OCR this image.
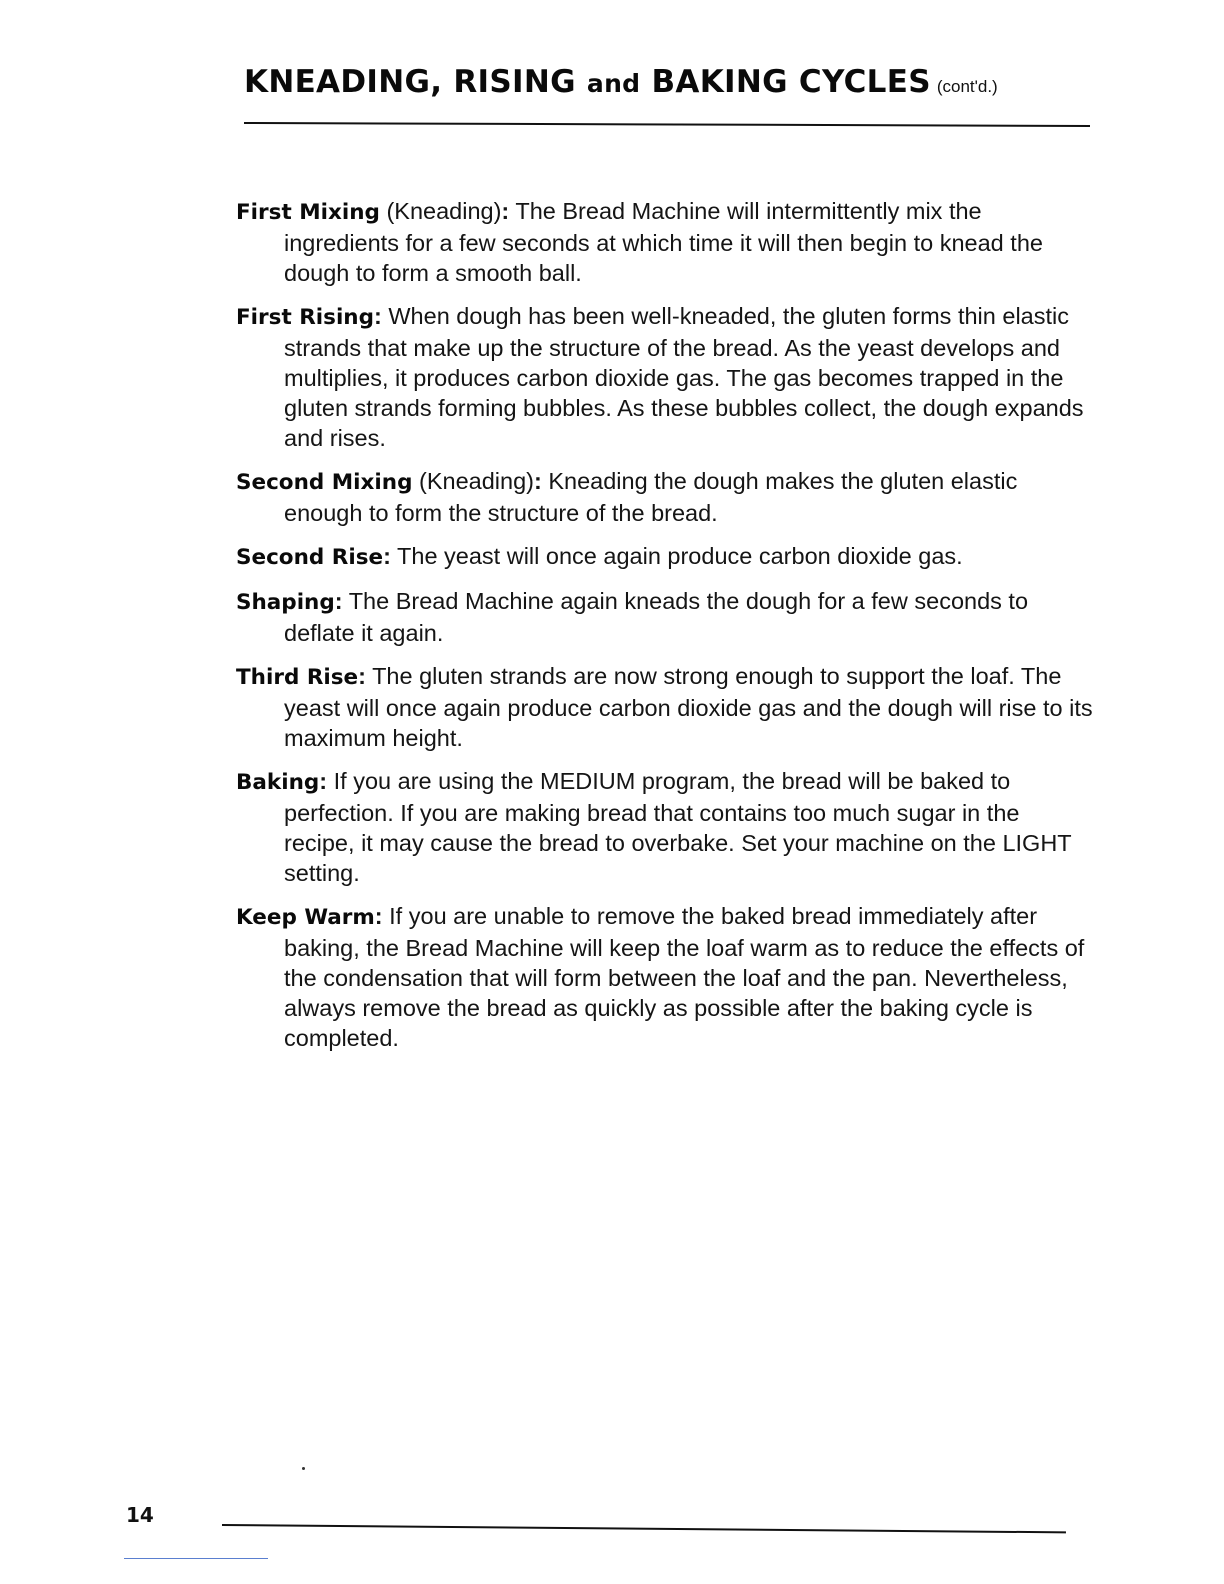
KNEADING, RISING and BAKING CYCLES (cont'd.)

First Mixing (Kneading): The Bread Machine will intermittently mix the ingredients for a few seconds at which time it will then begin to knead the dough to form a smooth ball.

First Rising: When dough has been well-kneaded, the gluten forms thin elastic strands that make up the structure of the bread. As the yeast develops and multiplies, it produces carbon dioxide gas. The gas becomes trapped in the gluten strands forming bubbles. As these bubbles collect, the dough expands and rises.

Second Mixing (Kneading): Kneading the dough makes the gluten elastic enough to form the structure of the bread.

Second Rise: The yeast will once again produce carbon dioxide gas.

Shaping: The Bread Machine again kneads the dough for a few seconds to deflate it again.

Third Rise: The gluten strands are now strong enough to support the loaf. The yeast will once again produce carbon dioxide gas and the dough will rise to its maximum height.

Baking: If you are using the MEDIUM program, the bread will be baked to perfection. If you are making bread that contains too much sugar in the recipe, it may cause the bread to overbake. Set your machine on the LIGHT setting.

Keep Warm: If you are unable to remove the baked bread immediately after baking, the Bread Machine will keep the loaf warm as to reduce the effects of the condensation that will form between the loaf and the pan. Nevertheless, always remove the bread as quickly as possible after the baking cycle is completed.

14
